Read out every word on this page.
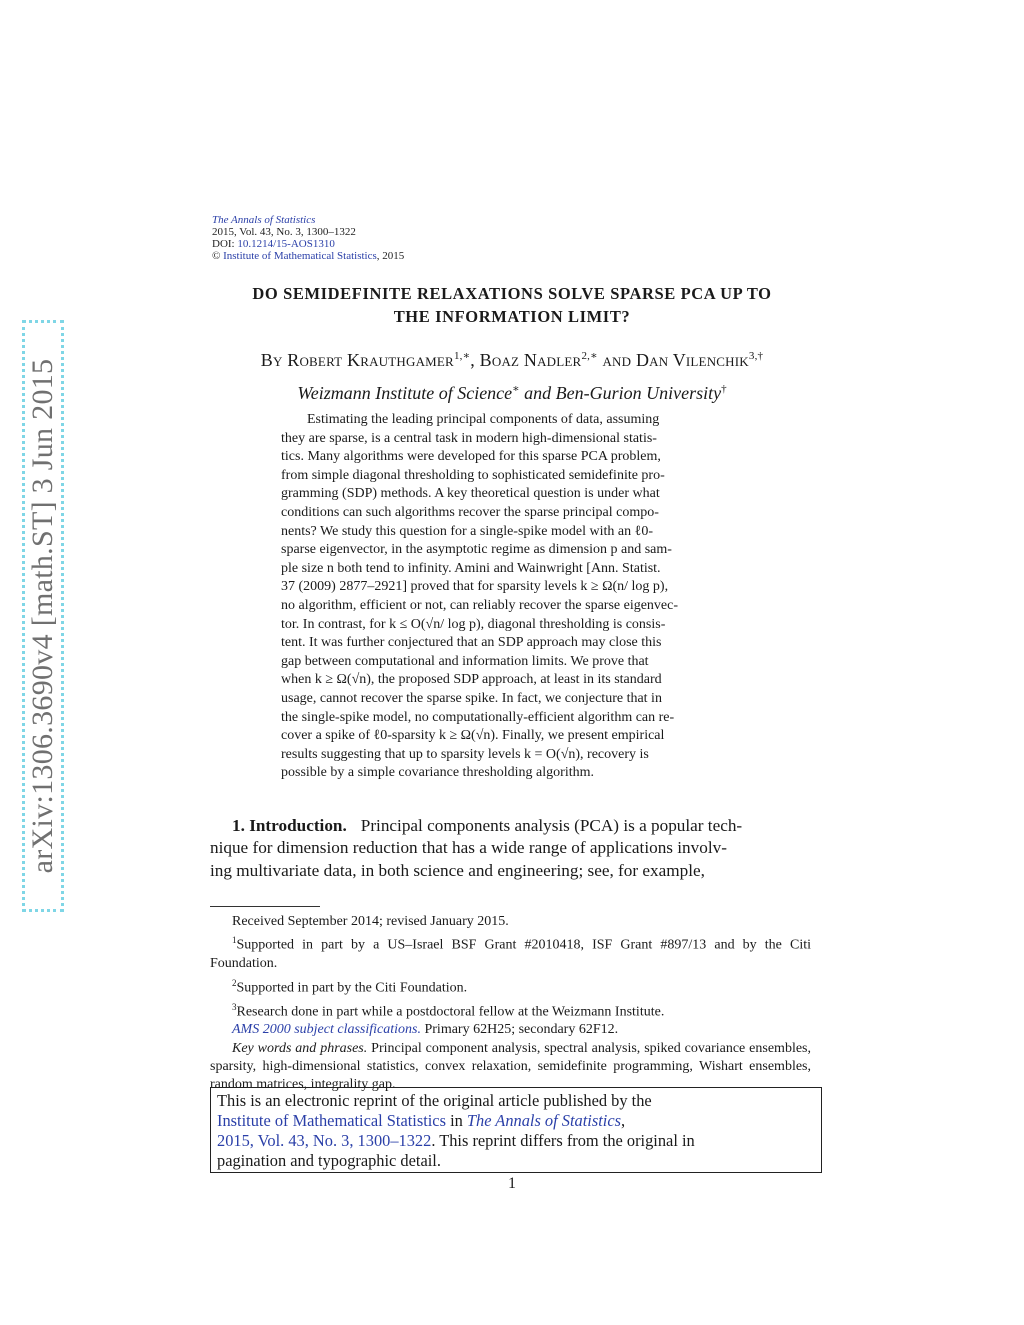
arXiv:1306.3690v4 [math.ST] 3 Jun 2015
The Annals of Statistics
2015, Vol. 43, No. 3, 1300–1322
DOI: 10.1214/15-AOS1310
© Institute of Mathematical Statistics, 2015
DO SEMIDEFINITE RELAXATIONS SOLVE SPARSE PCA UP TO
THE INFORMATION LIMIT?
By Robert Krauthgamer$^{1,∗}$, Boaz Nadler$^{2,∗}$ and Dan Vilenchik$^{3,\dagger}$
Weizmann Institute of Science∗ and Ben-Gurion University†
Estimating the leading principal components of data, assuming
they are sparse, is a central task in modern high-dimensional statis-
tics. Many algorithms were developed for this sparse PCA problem,
from simple diagonal thresholding to sophisticated semidefinite pro-
gramming (SDP) methods. A key theoretical question is under what
conditions can such algorithms recover the sparse principal compo-
nents? We study this question for a single-spike model with an ℓ0-
sparse eigenvector, in the asymptotic regime as dimension p and sam-
ple size n both tend to infinity. Amini and Wainwright [Ann. Statist.
37 (2009) 2877–2921] proved that for sparsity levels k ≥ Ω(n/ log p),
no algorithm, efficient or not, can reliably recover the sparse eigenvec-
tor. In contrast, for k ≤ O(√n/ log p), diagonal thresholding is consis-
tent. It was further conjectured that an SDP approach may close this
gap between computational and information limits. We prove that
when k ≥ Ω(√n), the proposed SDP approach, at least in its standard
usage, cannot recover the sparse spike. In fact, we conjecture that in
the single-spike model, no computationally-efficient algorithm can re-
cover a spike of ℓ0-sparsity k ≥ Ω(√n). Finally, we present empirical
results suggesting that up to sparsity levels k = O(√n), recovery is
possible by a simple covariance thresholding algorithm.
1. Introduction. Principal components analysis (PCA) is a popular tech-
nique for dimension reduction that has a wide range of applications involv-
ing multivariate data, in both science and engineering; see, for example,

Received September 2014; revised January 2015.

$^1$Supported in part by a US–Israel BSF Grant #2010418, ISF Grant #897/13 and by the Citi Foundation.

$^2$Supported in part by the Citi Foundation.

$^3$Research done in part while a postdoctoral fellow at the Weizmann Institute.

AMS 2000 subject classifications. Primary 62H25; secondary 62F12.

Key words and phrases. Principal component analysis, spectral analysis, spiked covariance ensembles, sparsity, high-dimensional statistics, convex relaxation, semidefinite programming, Wishart ensembles, random matrices, integrality gap.

This is an electronic reprint of the original article published by the
Institute of Mathematical Statistics in The Annals of Statistics,
2015, Vol. 43, No. 3, 1300–1322. This reprint differs from the original in
pagination and typographic detail.
1
